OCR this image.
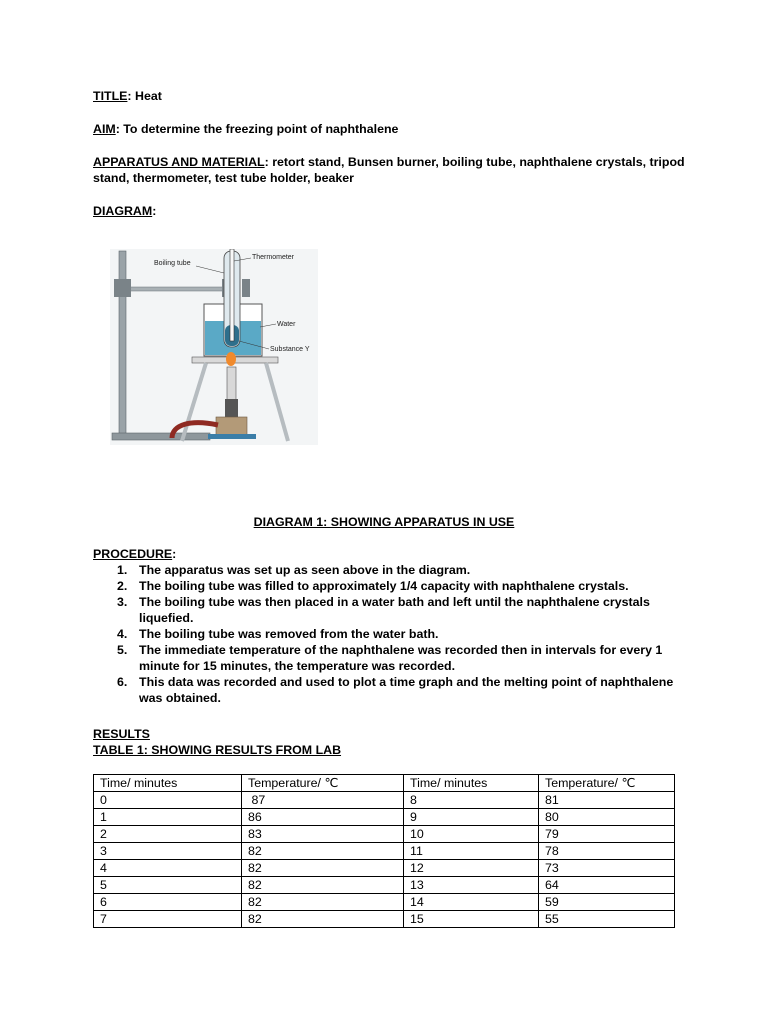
TITLE: Heat
AIM: To determine the freezing point of naphthalene
APPARATUS AND MATERIAL: retort stand, Bunsen burner, boiling tube, naphthalene crystals, tripod
stand, thermometer, test tube holder, beaker
DIAGRAM:
Boiling tube
Thermometer
Water
Substance Y
DIAGRAM 1: SHOWING APPARATUS IN USE
PROCEDURE:
1. The apparatus was set up as seen above in the diagram.
2. The boiling tube was filled to approximately 1/4 capacity with naphthalene crystals.
3. The boiling tube was then placed in a water bath and left until the naphthalene crystals liquefied.
4. The boiling tube was removed from the water bath.
5. The immediate temperature of the naphthalene was recorded then in intervals for every 1 minute for 15 minutes, the temperature was recorded.
6. This data was recorded and used to plot a time graph and the melting point of naphthalene was obtained.
RESULTS
TABLE 1: SHOWING RESULTS FROM LAB
Time/ minutes	Temperature/ ℃	Time/ minutes	Temperature/ ℃
0	87	8	81
1	86	9	80
2	83	10	79
3	82	11	78
4	82	12	73
5	82	13	64
6	82	14	59
7	82	15	55
